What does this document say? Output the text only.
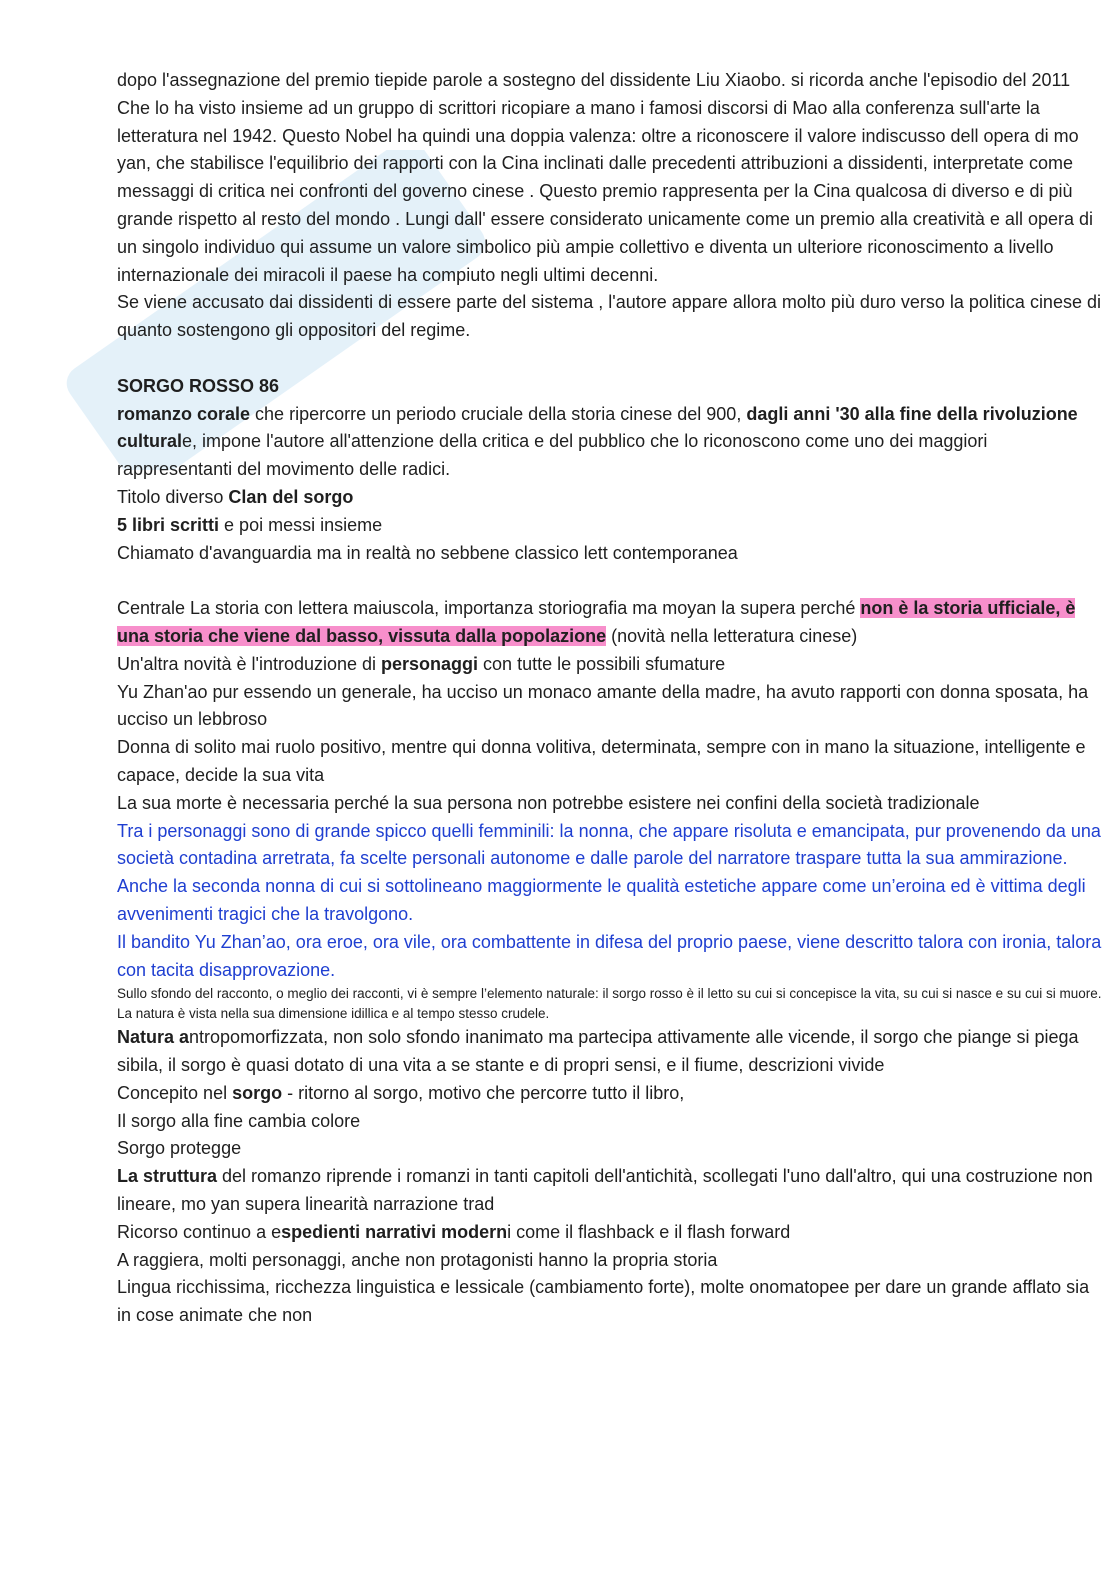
dopo l'assegnazione del premio tiepide parole a sostegno del dissidente Liu Xiaobo. si ricorda anche l'episodio del 2011 Che lo ha visto insieme ad un gruppo di scrittori ricopiare a mano i famosi discorsi di Mao alla conferenza sull'arte la letteratura nel 1942. Questo Nobel ha quindi una doppia valenza: oltre a riconoscere il valore indiscusso dell opera di mo yan, che stabilisce l'equilibrio dei rapporti con la Cina inclinati dalle precedenti attribuzioni a dissidenti, interpretate come messaggi di critica nei confronti del governo cinese . Questo premio rappresenta per la Cina qualcosa di diverso e di più grande rispetto al resto del mondo . Lungi dall' essere considerato unicamente come un premio alla creatività e all opera di un singolo individuo qui assume un valore simbolico più ampie collettivo e diventa un ulteriore riconoscimento a livello internazionale dei miracoli il paese ha compiuto negli ultimi decenni.

Se viene accusato dai dissidenti di essere parte del sistema , l'autore appare allora molto più duro verso la politica cinese di quanto sostengono gli oppositori del regime.

SORGO ROSSO 86

romanzo corale che ripercorre un periodo cruciale della storia cinese del 900, dagli anni '30 alla fine della rivoluzione culturale, impone l'autore all'attenzione della critica e del pubblico che lo riconoscono come uno dei maggiori rappresentanti del movimento delle radici.

Titolo diverso Clan del sorgo

5 libri scritti e poi messi insieme

Chiamato d'avanguardia ma in realtà no sebbene classico lett contemporanea

Centrale La storia con lettera maiuscola, importanza storiografia ma moyan la supera perché non è la storia ufficiale, è una storia che viene dal basso, vissuta dalla popolazione (novità nella letteratura cinese)

Un'altra novità è l'introduzione di personaggi con tutte le possibili sfumature

Yu Zhan'ao pur essendo un generale, ha ucciso un monaco amante della madre, ha avuto rapporti con donna sposata, ha ucciso un lebbroso

Donna di solito mai ruolo positivo, mentre qui donna volitiva, determinata, sempre con in mano la situazione, intelligente e capace, decide la sua vita

La sua morte è necessaria perché la sua persona non potrebbe esistere nei confini della società tradizionale

Tra i personaggi sono di grande spicco quelli femminili: la nonna, che appare risoluta e emancipata, pur provenendo da una società contadina arretrata, fa scelte personali autonome e dalle parole del narratore traspare tutta la sua ammirazione. Anche la seconda nonna di cui si sottolineano maggiormente le qualità estetiche appare come un’eroina ed è vittima degli avvenimenti tragici che la travolgono.

Il bandito Yu Zhan’ao, ora eroe, ora vile, ora combattente in difesa del proprio paese, viene descritto talora con ironia, talora con tacita disapprovazione.

Sullo sfondo del racconto, o meglio dei racconti, vi è sempre l’elemento naturale: il sorgo rosso è il letto su cui si concepisce la vita, su cui si nasce e su cui si muore. La natura è vista nella sua dimensione idillica e al tempo stesso crudele.

Natura antropomorfizzata, non solo sfondo inanimato ma partecipa attivamente alle vicende, il sorgo che piange si piega sibila, il sorgo è quasi dotato di una vita a se stante e di propri sensi, e il fiume, descrizioni vivide

Concepito nel sorgo - ritorno al sorgo, motivo che percorre tutto il libro,

Il sorgo alla fine cambia colore

Sorgo protegge

La struttura del romanzo riprende i romanzi in tanti capitoli dell'antichità, scollegati l'uno dall'altro, qui una costruzione non lineare, mo yan supera linearità narrazione trad

Ricorso continuo a espedienti narrativi moderni come il flashback e il flash forward

A raggiera, molti personaggi, anche non protagonisti hanno la propria storia

Lingua ricchissima, ricchezza linguistica e lessicale (cambiamento forte), molte onomatopee per dare un grande afflato sia in cose animate che non
